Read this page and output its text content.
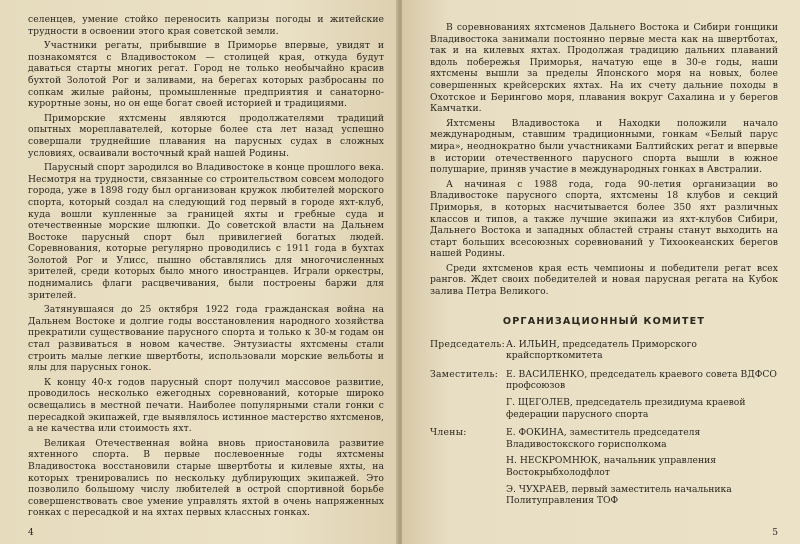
селенцев, умение стойко переносить капризы погоды и житейские трудности в освоении этого края советской земли.

Участники регаты, прибывшие в Приморье впервые, увидят и познакомятся с Владивостоком — столицей края, откуда будут даваться старты многих регат. Город не только необычайно красив бухтой Золотой Рог и заливами, на берегах которых разбросаны по сопкам жилые районы, промышленные предприятия и санаторно-курортные зоны, но он еще богат своей историей и традициями.

Приморские яхтсмены являются продолжателями традиций опытных мореплавателей, которые более ста лет назад успешно совершали труднейшие плавания на парусных судах в сложных условиях, осваивали восточный край нашей Родины.

Парусный спорт зародился во Владивостоке в конце прошлого века. Несмотря на трудности, связанные со строительством совсем молодого города, уже в 1898 году был организован кружок любителей морского спорта, который создал на следующий год первый в городе яхт-клуб, куда вошли купленные за границей яхты и гребные суда и отечественные морские шлюпки. До советской власти на Дальнем Востоке парусный спорт был привилегией богатых людей. Соревнования, которые регулярно проводились с 1911 года в бухтах Золотой Рог и Улисс, пышно обставлялись для многочисленных зрителей, среди которых было много иностранцев. Играли оркестры, поднимались флаги расцвечивания, были построены баржи для зрителей.

Затянувшаяся до 25 октября 1922 года гражданская война на Дальнем Востоке и долгие годы восстановления народного хозяйства прекратили существование парусного спорта и только к 30-м годам он стал развиваться в новом качестве. Энтузиасты яхтсмены стали строить малые легкие швертботы, использовали морские вельботы и ялы для парусных гонок.

К концу 40-х годов парусный спорт получил массовое развитие, проводилось несколько ежегодных соревнований, которые широко освещались в местной печати. Наиболее популярными стали гонки с пересадкой экипажей, где выявлялось истинное мастерство яхтсменов, а не качества или стоимость яхт.

Великая Отечественная война вновь приостановила развитие яхтенного спорта. В первые послевоенные годы яхтсмены Владивостока восстановили старые швертботы и килевые яхты, на которых тренировались по нескольку дублирующих экипажей. Это позволило большому числу любителей в острой спортивной борьбе совершенствовать свое умение управлять яхтой в очень напряженных гонках с пересадкой и на яхтах первых классных гонках.

4

В соревнованиях яхтсменов Дальнего Востока и Сибири гонщики Владивостока занимали постоянно первые места как на швертботах, так и на килевых яхтах. Продолжая традицию дальних плаваний вдоль побережья Приморья, начатую еще в 30-е годы, наши яхтсмены вышли за пределы Японского моря на новых, более совершенных крейсерских яхтах. На их счету дальние походы в Охотское и Берингово моря, плавания вокруг Сахалина и у берегов Камчатки.

Яхтсмены Владивостока и Находки положили начало международным, ставшим традиционными, гонкам «Белый парус мира», неоднократно были участниками Балтийских регат и впервые в истории отечественного парусного спорта вышли в южное полушарие, приняв участие в международных гонках в Австралии.

А начиная с 1988 года, года 90-летия организации во Владивостоке парусного спорта, яхтсмены 18 клубов и секций Приморья, в которых насчитывается более 350 яхт различных классов и типов, а также лучшие экипажи из яхт-клубов Сибири, Дальнего Востока и западных областей страны станут выходить на старт больших всесоюзных соревнований у Тихоокеанских берегов нашей Родины.

Среди яхтсменов края есть чемпионы и победители регат всех рангов. Ждет своих победителей и новая парусная регата на Кубок залива Петра Великого.

ОРГАНИЗАЦИОННЫЙ КОМИТЕТ
Председатель: А. ИЛЬИН, председатель Приморского крайспорткомитета
Заместитель: Е. ВАСИЛЕНКО, председатель краевого совета ВДФСО профсоюзов
Г. ЩЕГОЛЕВ, председатель президиума краевой федерации парусного спорта
Члены:	Е. ФОКИНА, заместитель председателя Владивостокского горисполкома
Н. НЕСКРОМНЮК, начальник управления Востокрыбхолодфлот
Э. ЧУХРАЕВ, первый заместитель начальника Политуправления ТОФ
5
